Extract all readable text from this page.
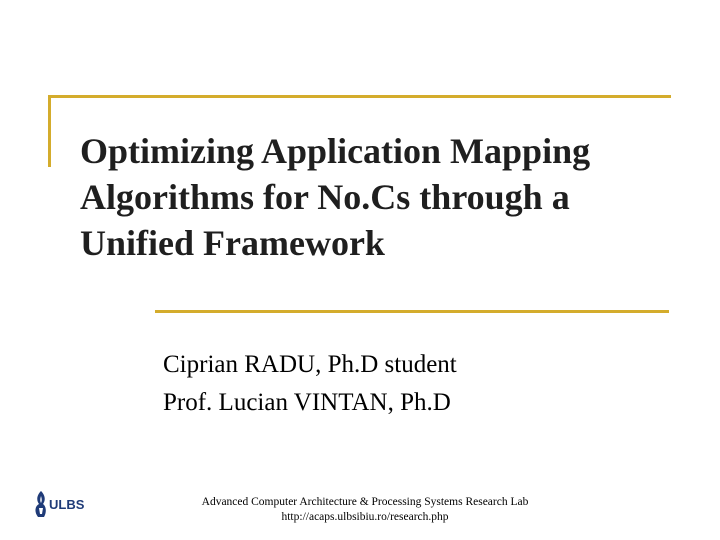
Optimizing Application Mapping
Algorithms for No.Cs through a
Unified Framework
Ciprian RADU, Ph.D student
Prof. Lucian VINTAN, Ph.D
ULBS	Advanced Computer Architecture & Processing Systems Research Lab
http://acaps.ulbsibiu.ro/research.php
